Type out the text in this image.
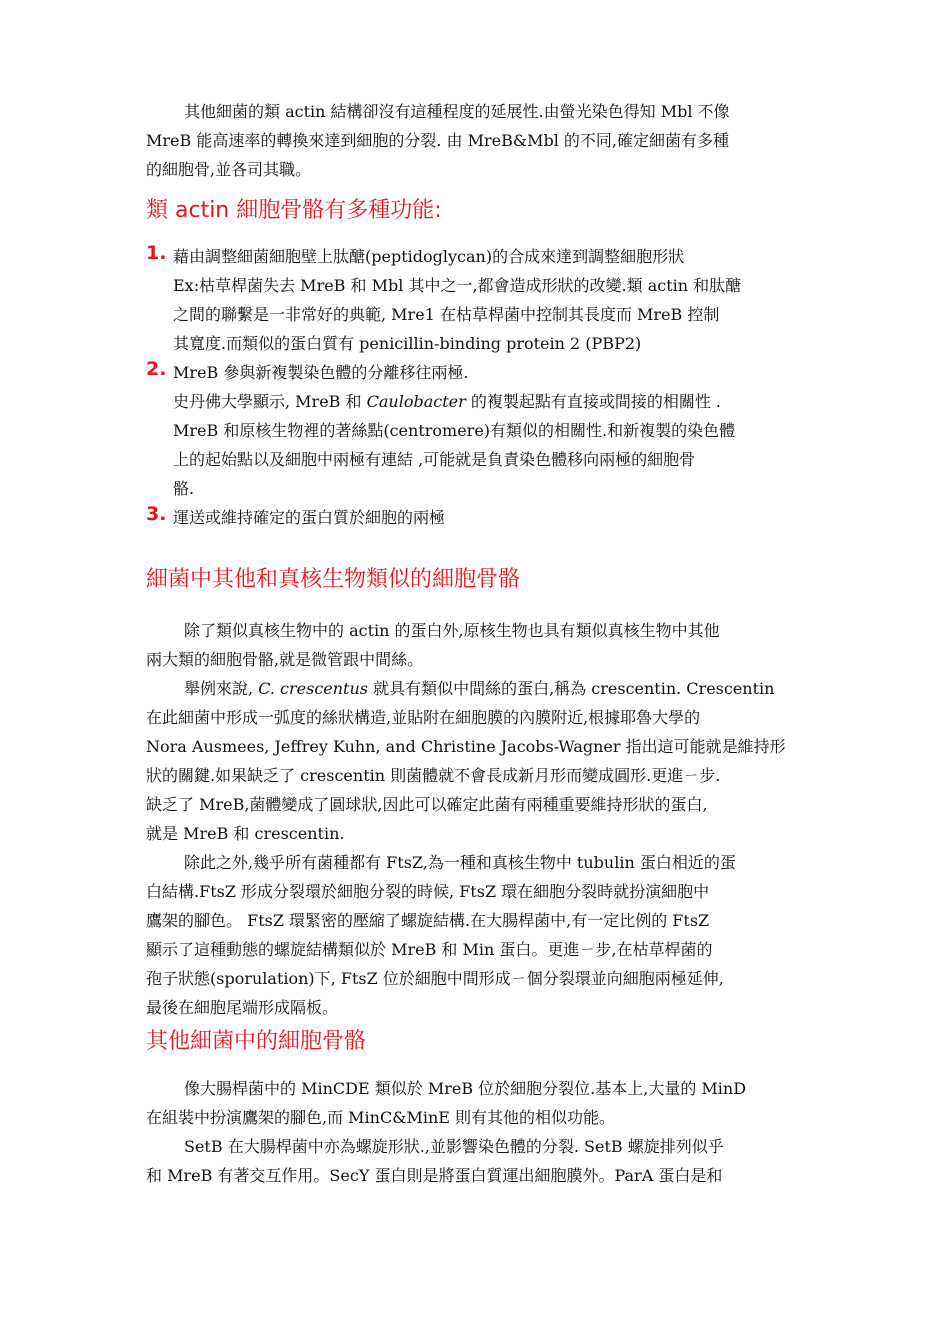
其他細菌的類 actin 結構卻沒有這種程度的延展性.由螢光染色得知 Mbl 不像
MreB 能高速率的轉換來達到細胞的分裂. 由 MreB&Mbl 的不同,確定細菌有多種
的細胞骨,並各司其職。

類 actin 細胞骨骼有多種功能:
1. 藉由調整細菌細胞壁上肽醣(peptidoglycan)的合成來達到調整細胞形狀
Ex:枯草桿菌失去 MreB 和 Mbl 其中之一,都會造成形狀的改變.類 actin 和肽醣
之間的聯繫是一非常好的典範, Mre1 在枯草桿菌中控制其長度而 MreB 控制
其寬度.而類似的蛋白質有 penicillin-binding protein 2 (PBP2)
2. MreB 參與新複製染色體的分離移往兩極.
史丹佛大學顯示, MreB 和 Caulobacter 的複製起點有直接或間接的相關性 .
MreB 和原核生物裡的著絲點(centromere)有類似的相關性.和新複製的染色體
上的起始點以及細胞中兩極有連結 ,可能就是負責染色體移向兩極的細胞骨
骼.
3. 運送或維持確定的蛋白質於細胞的兩極
細菌中其他和真核生物類似的細胞骨骼

除了類似真核生物中的 actin 的蛋白外,原核生物也具有類似真核生物中其他
兩大類的細胞骨骼,就是微管跟中間絲。
舉例來說, C. crescentus 就具有類似中間絲的蛋白,稱為 crescentin. Crescentin
在此細菌中形成一弧度的絲狀構造,並貼附在細胞膜的內膜附近,根據耶魯大學的
Nora Ausmees, Jeffrey Kuhn, and Christine Jacobs-Wagner 指出這可能就是維持形
狀的關鍵.如果缺乏了 crescentin 則菌體就不會長成新月形而變成圓形.更進ㄧ步.
缺乏了 MreB,菌體變成了圓球狀,因此可以確定此菌有兩種重要維持形狀的蛋白,
就是 MreB 和 crescentin.
除此之外,幾乎所有菌種都有 FtsZ,為一種和真核生物中 tubulin 蛋白相近的蛋
白結構.FtsZ 形成分裂環於細胞分裂的時候, FtsZ 環在細胞分裂時就扮演細胞中
鷹架的腳色。 FtsZ 環緊密的壓縮了螺旋結構.在大腸桿菌中,有一定比例的 FtsZ
顯示了這種動態的螺旋結構類似於 MreB 和 Min 蛋白。更進ㄧ步,在枯草桿菌的
孢子狀態(sporulation)下, FtsZ 位於細胞中間形成ㄧ個分裂環並向細胞兩極延伸,
最後在細胞尾端形成隔板。

其他細菌中的細胞骨骼

像大腸桿菌中的 MinCDE 類似於 MreB 位於細胞分裂位.基本上,大量的 MinD
在組裝中扮演鷹架的腳色,而 MinC&MinE 則有其他的相似功能。
SetB 在大腸桿菌中亦為螺旋形狀.,並影響染色體的分裂. SetB 螺旋排列似乎
和 MreB 有著交互作用。SecY 蛋白則是將蛋白質運出細胞膜外。ParA 蛋白是和
